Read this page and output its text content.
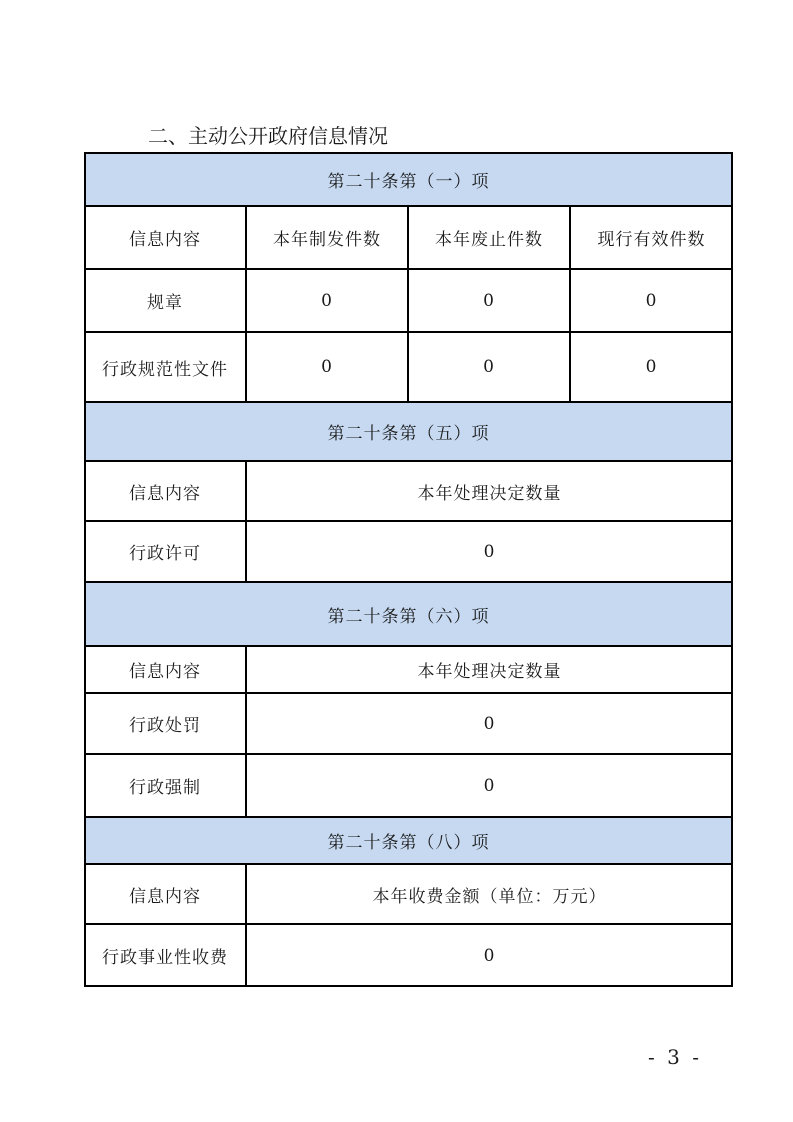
二、主动公开政府信息情况
第二十条第（一）项
信息内容	本年制发件数	本年废止件数	现行有效件数
规章	0	0	0
行政规范性文件	0	0	0
第二十条第（五）项
信息内容	本年处理决定数量
行政许可	0
第二十条第（六）项
信息内容	本年处理决定数量
行政处罚	0
行政强制	0
第二十条第（八）项
信息内容	本年收费金额（单位：万元）
行政事业性收费	0
- 3 -
